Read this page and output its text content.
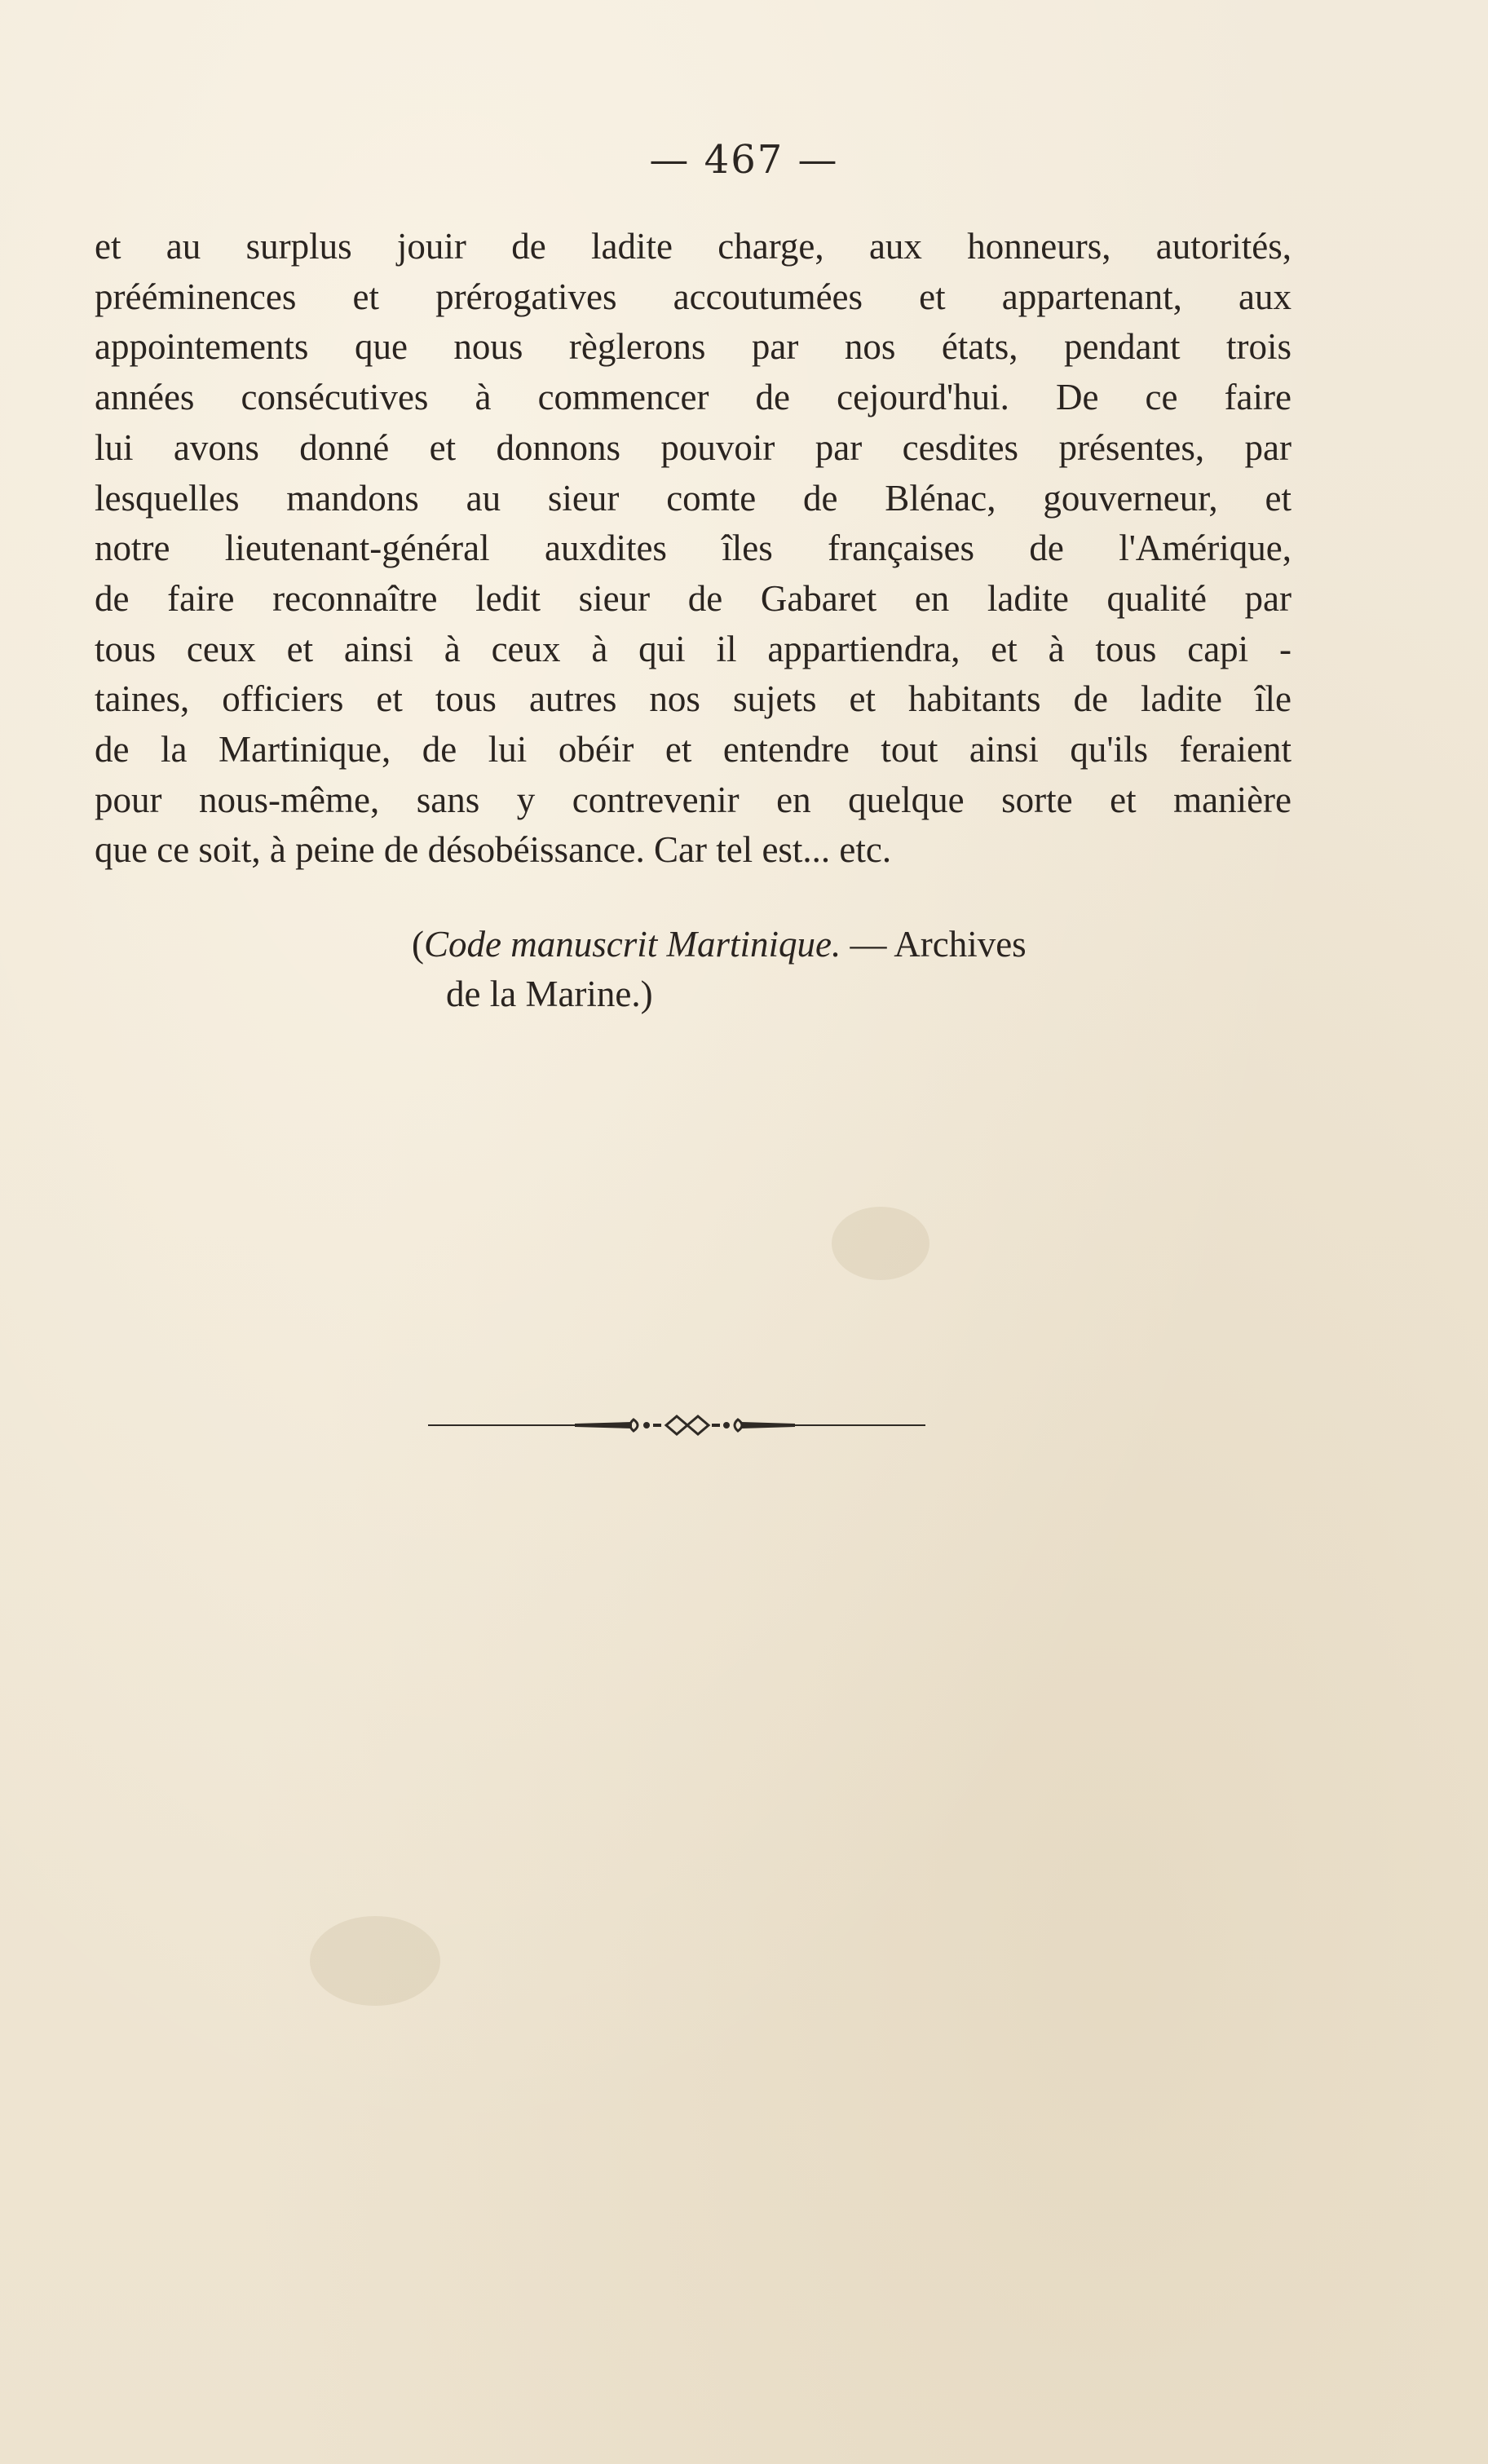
— 467 —
et au surplus jouir de ladite charge, aux honneurs, autorités,
prééminences et prérogatives accoutumées et appartenant, aux
appointements que nous règlerons par nos états, pendant trois
années consécutives à commencer de cejourd'hui. De ce faire
lui avons donné et donnons pouvoir par cesdites présentes, par
lesquelles mandons au sieur comte de Blénac, gouverneur, et
notre lieutenant-général auxdites îles françaises de l'Amérique,
de faire reconnaître ledit sieur de Gabaret en ladite qualité par
tous ceux et ainsi à ceux à qui il appartiendra, et à tous capi -
taines, officiers et tous autres nos sujets et habitants de ladite île
de la Martinique, de lui obéir et entendre tout ainsi qu'ils feraient
pour nous-même, sans y contrevenir en quelque sorte et manière
que ce soit, à peine de désobéissance. Car tel est... etc.
(Code manuscrit Martinique. — Archives
de la Marine.)
